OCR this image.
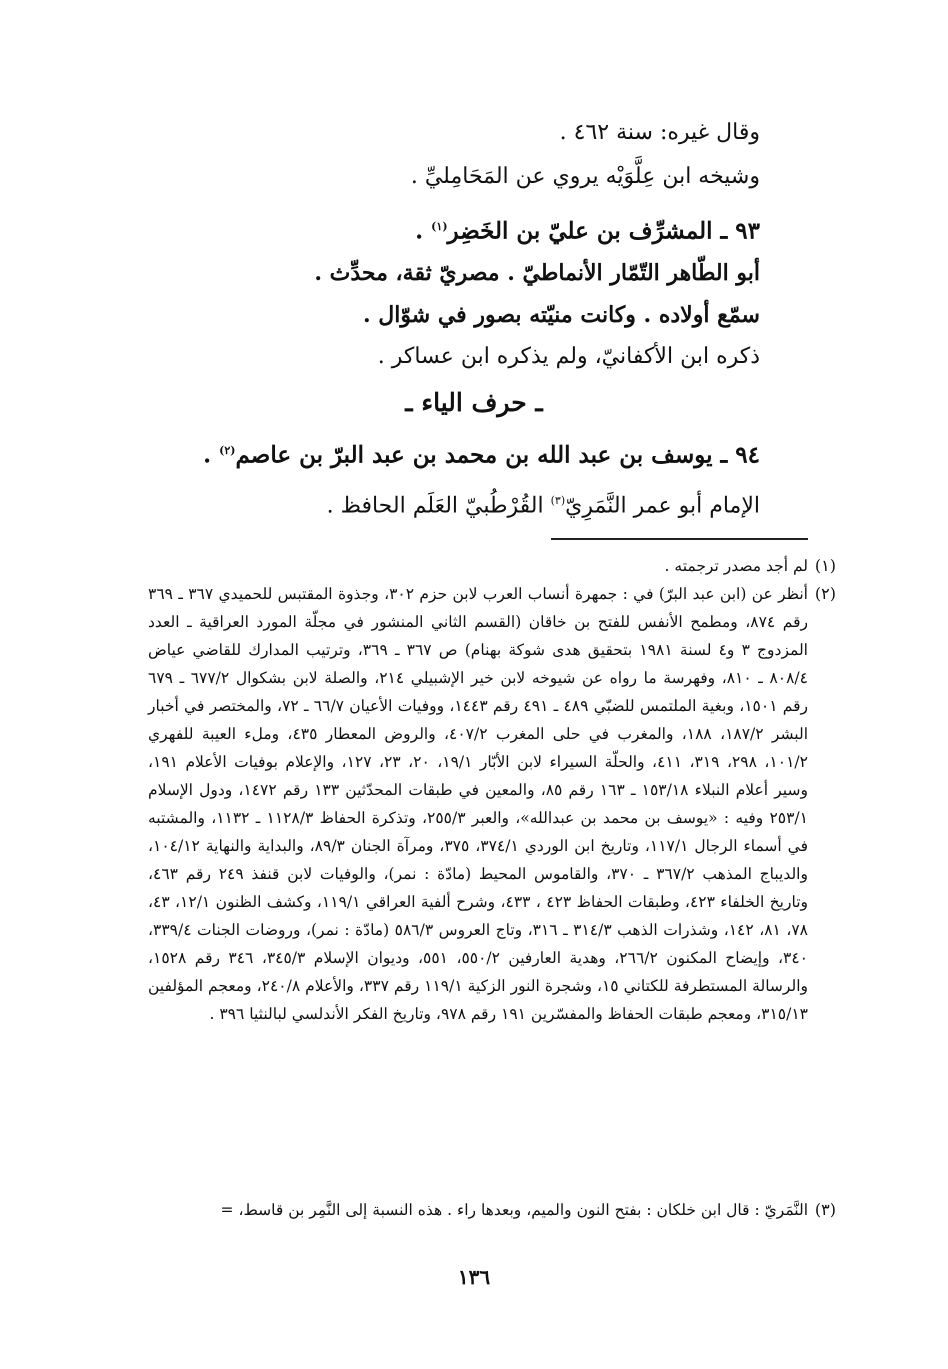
وقال غيره: سنة ٤٦٢ .
وشيخه ابن عِلَّوَيْه يروي عن المَحَامِليِّ .
٩٣ ـ المشرِّف بن عليّ بن الخَضِر$^{(١)}$ .
أبو الطّاهر التّمّار الأنماطيّ . مصريّ ثقة، محدِّث .
سمّع أولاده . وكانت منيّته بصور في شوّال .
ذكره ابن الأكفانيّ، ولم يذكره ابن عساكر .
ـ حرف الياء ـ
٩٤ ـ يوسف بن عبد الله بن محمد بن عبد البرّ بن عاصم$^{(٢)}$ .
الإمام أبو عمر النَّمَرِيّ$^{(٣)}$ القُرْطُبيّ العَلَم الحافظ .
(١)
لم أجد مصدر ترجمته .
(٢)
أنظر عن (ابن عبد البرّ) في : جمهرة أنساب العرب لابن حزم ٣٠٢، وجذوة المقتبس للحميدي ٣٦٧ ـ ٣٦٩ رقم ٨٧٤، ومطمح الأنفس للفتح بن خاقان (القسم الثاني المنشور في مجلّة المورد العراقية ـ العدد المزدوج ٣ و٤ لسنة ١٩٨١ بتحقيق هدى شوكة بهنام) ص ٣٦٧ ـ ٣٦٩، وترتيب المدارك للقاضي عياض ٨٠٨/٤ ـ ٨١٠، وفهرسة ما رواه عن شيوخه لابن خير الإشبيلي ٢١٤، والصلة لابن بشكوال ٦٧٧/٢ ـ ٦٧٩ رقم ١٥٠١، وبغية الملتمس للضبّي ٤٨٩ ـ ٤٩١ رقم ١٤٤٣، ووفيات الأعيان ٦٦/٧ ـ ٧٢، والمختصر في أخبار البشر ١٨٧/٢، ١٨٨، والمغرب في حلى المغرب ٤٠٧/٢، والروض المعطار ٤٣٥، وملء العيبة للفهري ١٠١/٢، ٢٩٨، ٣١٩، ٤١١، والحلّة السيراء لابن الأبّار ١٩/١، ٢٠، ٢٣، ١٢٧، والإعلام بوفيات الأعلام ١٩١، وسير أعلام النبلاء ١٥٣/١٨ ـ ١٦٣ رقم ٨٥، والمعين في طبقات المحدّثين ١٣٣ رقم ١٤٧٢، ودول الإسلام ٢٥٣/١ وفيه : «يوسف بن محمد بن عبدالله»، والعبر ٢٥٥/٣، وتذكرة الحفاظ ١١٢٨/٣ ـ ١١٣٢، والمشتبه في أسماء الرجال ١١٧/١، وتاريخ ابن الوردي ٣٧٤/١، ٣٧٥، ومرآة الجنان ٨٩/٣، والبداية والنهاية ١٠٤/١٢، والديباج المذهب ٣٦٧/٢ ـ ٣٧٠، والقاموس المحيط (مادّة : نمر)، والوفيات لابن قنفذ ٢٤٩ رقم ٤٦٣، وتاريخ الخلفاء ٤٢٣، وطبقات الحفاظ ٤٢٣ ، ٤٣٣، وشرح ألفية العراقي ١١٩/١، وكشف الظنون ١٢/١، ٤٣، ٧٨، ٨١، ١٤٢، وشذرات الذهب ٣١٤/٣ ـ ٣١٦، وتاج العروس ٥٨٦/٣ (مادّة : نمر)، وروضات الجنات ٣٣٩/٤، ٣٤٠، وإيضاح المكنون ٢٦٦/٢، وهدية العارفين ٥٥٠/٢، ٥٥١، وديوان الإسلام ٣٤٥/٣، ٣٤٦ رقم ١٥٢٨، والرسالة المستطرفة للكتاني ١٥، وشجرة النور الزكية ١١٩/١ رقم ٣٣٧، والأعلام ٢٤٠/٨، ومعجم المؤلفين ٣١٥/١٣، ومعجم طبقات الحفاظ والمفسّرين ١٩١ رقم ٩٧٨، وتاريخ الفكر الأندلسي لبالنثيا ٣٩٦ .
(٣)
النَّمَريّ : قال ابن خلكان : بفتح النون والميم، وبعدها راء . هذه النسبة إلى النَّمِر بن قاسط، =
١٣٦
